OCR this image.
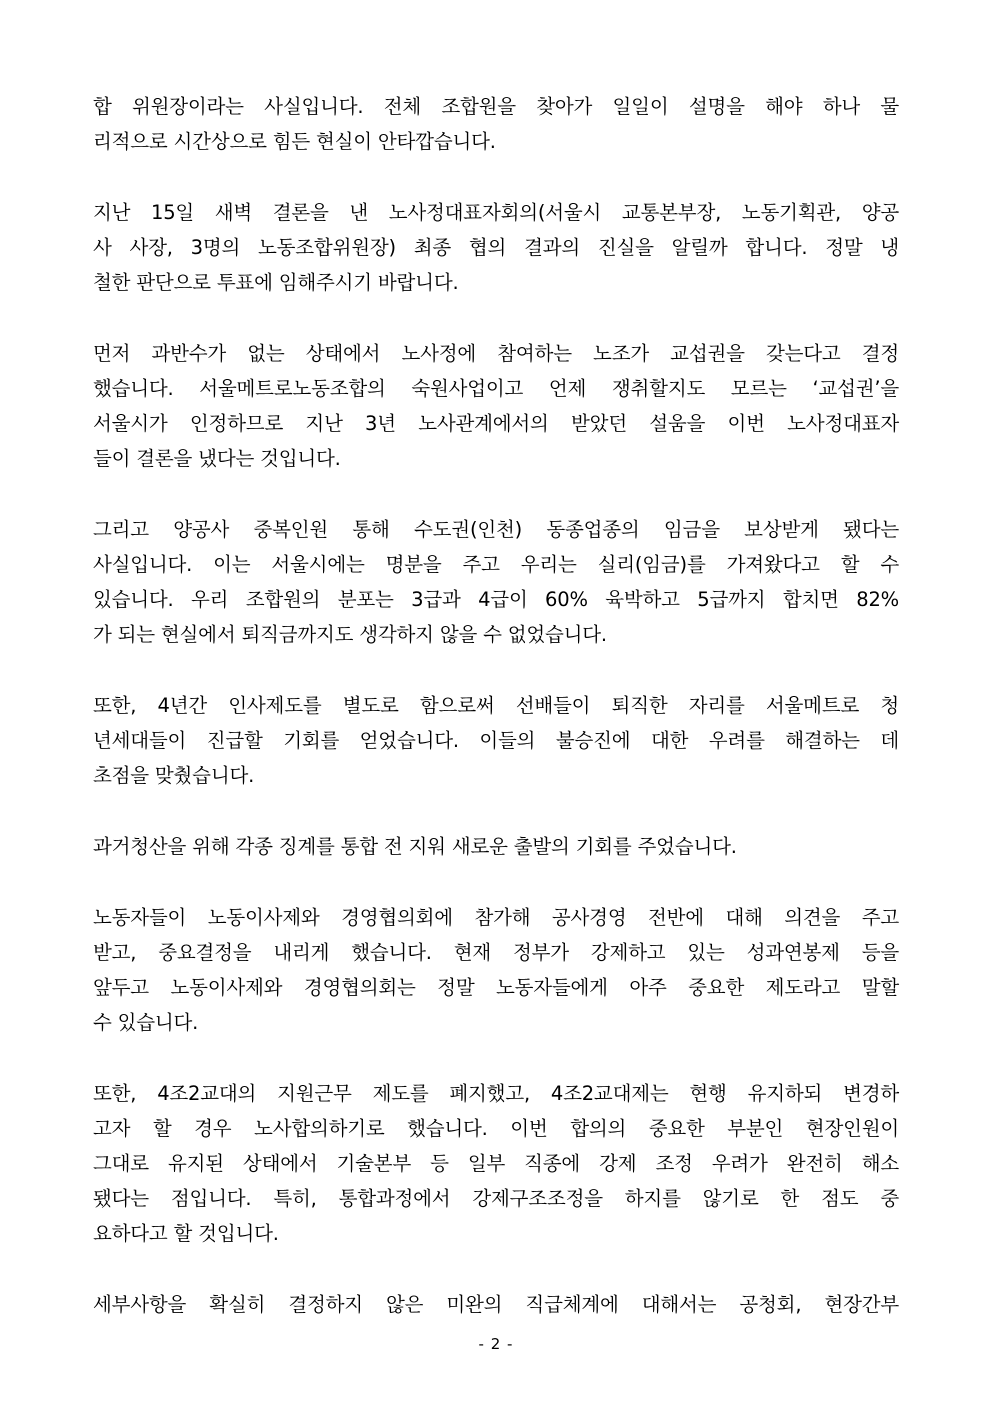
합 위원장이라는 사실입니다. 전체 조합원을 찾아가 일일이 설명을 해야 하나 물
리적으로 시간상으로 힘든 현실이 안타깝습니다.

지난 15일 새벽 결론을 낸 노사정대표자회의(서울시 교통본부장, 노동기획관, 양공
사 사장, 3명의 노동조합위원장) 최종 협의 결과의 진실을 알릴까 합니다. 정말 냉
철한 판단으로 투표에 임해주시기 바랍니다.

먼저 과반수가 없는 상태에서 노사정에 참여하는 노조가 교섭권을 갖는다고 결정
했습니다. 서울메트로노동조합의 숙원사업이고 언제 쟁취할지도 모르는 ‘교섭권’을
서울시가 인정하므로 지난 3년 노사관계에서의 받았던 설움을 이번 노사정대표자
들이 결론을 냈다는 것입니다.

그리고 양공사 중복인원 통해 수도권(인천) 동종업종의 임금을 보상받게 됐다는
사실입니다. 이는 서울시에는 명분을 주고 우리는 실리(임금)를 가져왔다고 할 수
있습니다. 우리 조합원의 분포는 3급과 4급이 60% 육박하고 5급까지 합치면 82%
가 되는 현실에서 퇴직금까지도 생각하지 않을 수 없었습니다.

또한, 4년간 인사제도를 별도로 함으로써 선배들이 퇴직한 자리를 서울메트로 청
년세대들이 진급할 기회를 얻었습니다. 이들의 불승진에 대한 우려를 해결하는 데
초점을 맞췄습니다.

과거청산을 위해 각종 징계를 통합 전 지워 새로운 출발의 기회를 주었습니다.

노동자들이 노동이사제와 경영협의회에 참가해 공사경영 전반에 대해 의견을 주고
받고, 중요결정을 내리게 했습니다. 현재 정부가 강제하고 있는 성과연봉제 등을
앞두고 노동이사제와 경영협의회는 정말 노동자들에게 아주 중요한 제도라고 말할
수 있습니다.

또한, 4조2교대의 지원근무 제도를 폐지했고, 4조2교대제는 현행 유지하되 변경하
고자 할 경우 노사합의하기로 했습니다. 이번 합의의 중요한 부분인 현장인원이
그대로 유지된 상태에서 기술본부 등 일부 직종에 강제 조정 우려가 완전히 해소
됐다는 점입니다. 특히, 통합과정에서 강제구조조정을 하지를 않기로 한 점도 중
요하다고 할 것입니다.

세부사항을 확실히 결정하지 않은 미완의 직급체계에 대해서는 공청회, 현장간부

- 2 -
